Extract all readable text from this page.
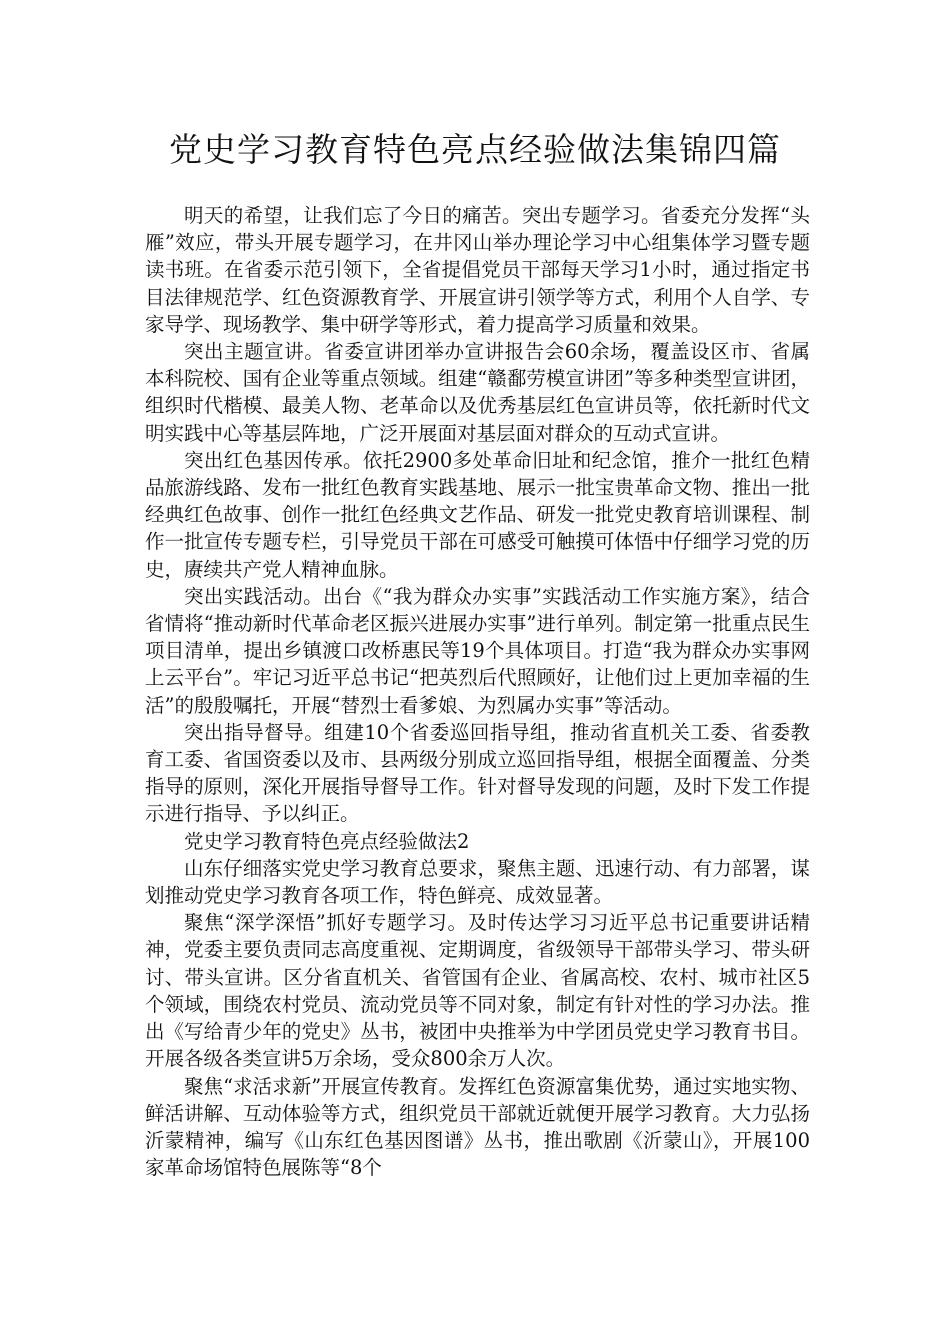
党史学习教育特色亮点经验做法集锦四篇

明天的希望，让我们忘了今日的痛苦。突出专题学习。省委充分发挥“头雁”效应，带头开展专题学习，在井冈山举办理论学习中心组集体学习暨专题读书班。在省委示范引领下，全省提倡党员干部每天学习1小时，通过指定书目法律规范学、红色资源教育学、开展宣讲引领学等方式，利用个人自学、专家导学、现场教学、集中研学等形式，着力提高学习质量和效果。

突出主题宣讲。省委宣讲团举办宣讲报告会60余场，覆盖设区市、省属本科院校、国有企业等重点领域。组建“赣鄱劳模宣讲团”等多种类型宣讲团，组织时代楷模、最美人物、老革命以及优秀基层红色宣讲员等，依托新时代文明实践中心等基层阵地，广泛开展面对基层面对群众的互动式宣讲。

突出红色基因传承。依托2900多处革命旧址和纪念馆，推介一批红色精品旅游线路、发布一批红色教育实践基地、展示一批宝贵革命文物、推出一批经典红色故事、创作一批红色经典文艺作品、研发一批党史教育培训课程、制作一批宣传专题专栏，引导党员干部在可感受可触摸可体悟中仔细学习党的历史，赓续共产党人精神血脉。

突出实践活动。出台《“我为群众办实事”实践活动工作实施方案》，结合省情将“推动新时代革命老区振兴进展办实事”进行单列。制定第一批重点民生项目清单，提出乡镇渡口改桥惠民等19个具体项目。打造“我为群众办实事网上云平台”。牢记习近平总书记“把英烈后代照顾好，让他们过上更加幸福的生活”的殷殷嘱托，开展“替烈士看爹娘、为烈属办实事”等活动。

突出指导督导。组建10个省委巡回指导组，推动省直机关工委、省委教育工委、省国资委以及市、县两级分别成立巡回指导组，根据全面覆盖、分类指导的原则，深化开展指导督导工作。针对督导发现的问题，及时下发工作提示进行指导、予以纠正。

党史学习教育特色亮点经验做法2

山东仔细落实党史学习教育总要求，聚焦主题、迅速行动、有力部署，谋划推动党史学习教育各项工作，特色鲜亮、成效显著。

聚焦“深学深悟”抓好专题学习。及时传达学习习近平总书记重要讲话精神，党委主要负责同志高度重视、定期调度，省级领导干部带头学习、带头研讨、带头宣讲。区分省直机关、省管国有企业、省属高校、农村、城市社区5个领域，围绕农村党员、流动党员等不同对象，制定有针对性的学习办法。推出《写给青少年的党史》丛书，被团中央推举为中学团员党史学习教育书目。开展各级各类宣讲5万余场，受众800余万人次。

聚焦“求活求新”开展宣传教育。发挥红色资源富集优势，通过实地实物、鲜活讲解、互动体验等方式，组织党员干部就近就便开展学习教育。大力弘扬沂蒙精神，编写《山东红色基因图谱》丛书，推出歌剧《沂蒙山》，开展100家革命场馆特色展陈等“8个
